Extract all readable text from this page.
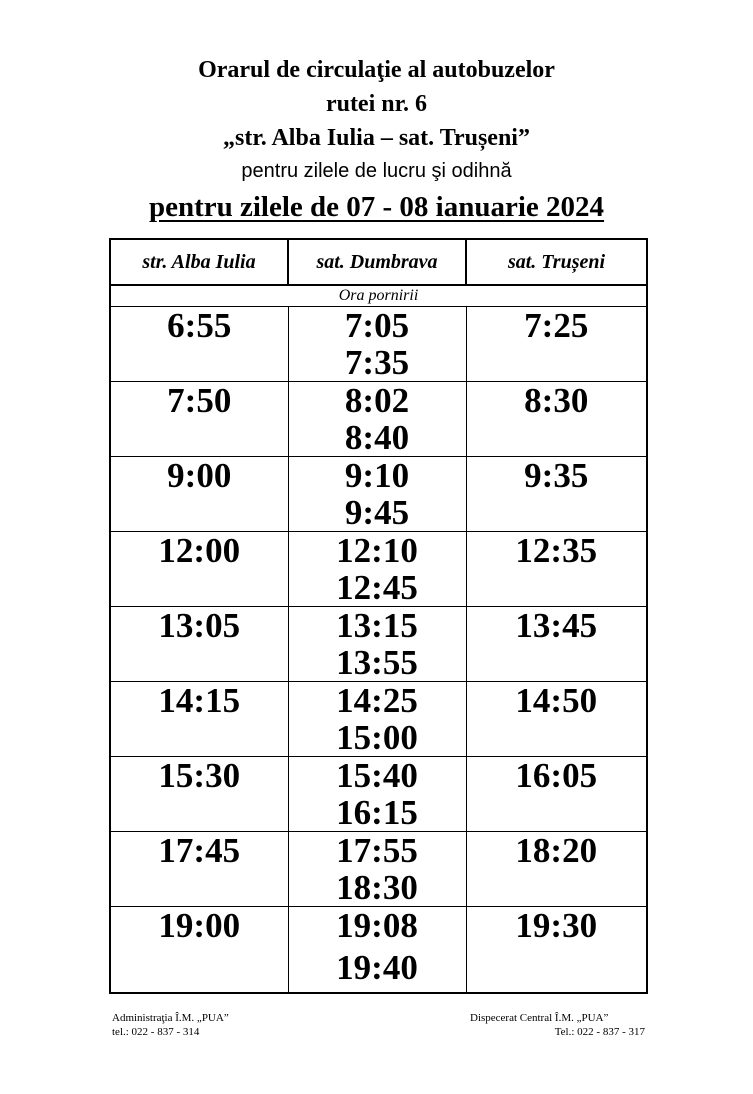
Orarul de circulaţie al autobuzelor
rutei nr. 6
„str. Alba Iulia – sat. Trușeni”
pentru zilele de lucru şi odihnă
pentru zilele de 07 - 08 ianuarie 2024
str. Alba Iulia	sat. Dumbrava	sat. Trușeni
Ora pornirii		
6:55	7:05	7:25
	7:35	
7:50	8:02	8:30
	8:40	
9:00	9:10	9:35
	9:45	
12:00	12:10	12:35
	12:45	
13:05	13:15	13:45
	13:55	
14:15	14:25	14:50
	15:00	
15:30	15:40	16:05
	16:15	
17:45	17:55	18:20
	18:30	
19:00	19:08	19:30
	19:40	
Administraţia Î.M. „PUA”
tel.: 022 - 837 - 314
Dispecerat Central Î.M. „PUA”
Tel.: 022 - 837 - 317
